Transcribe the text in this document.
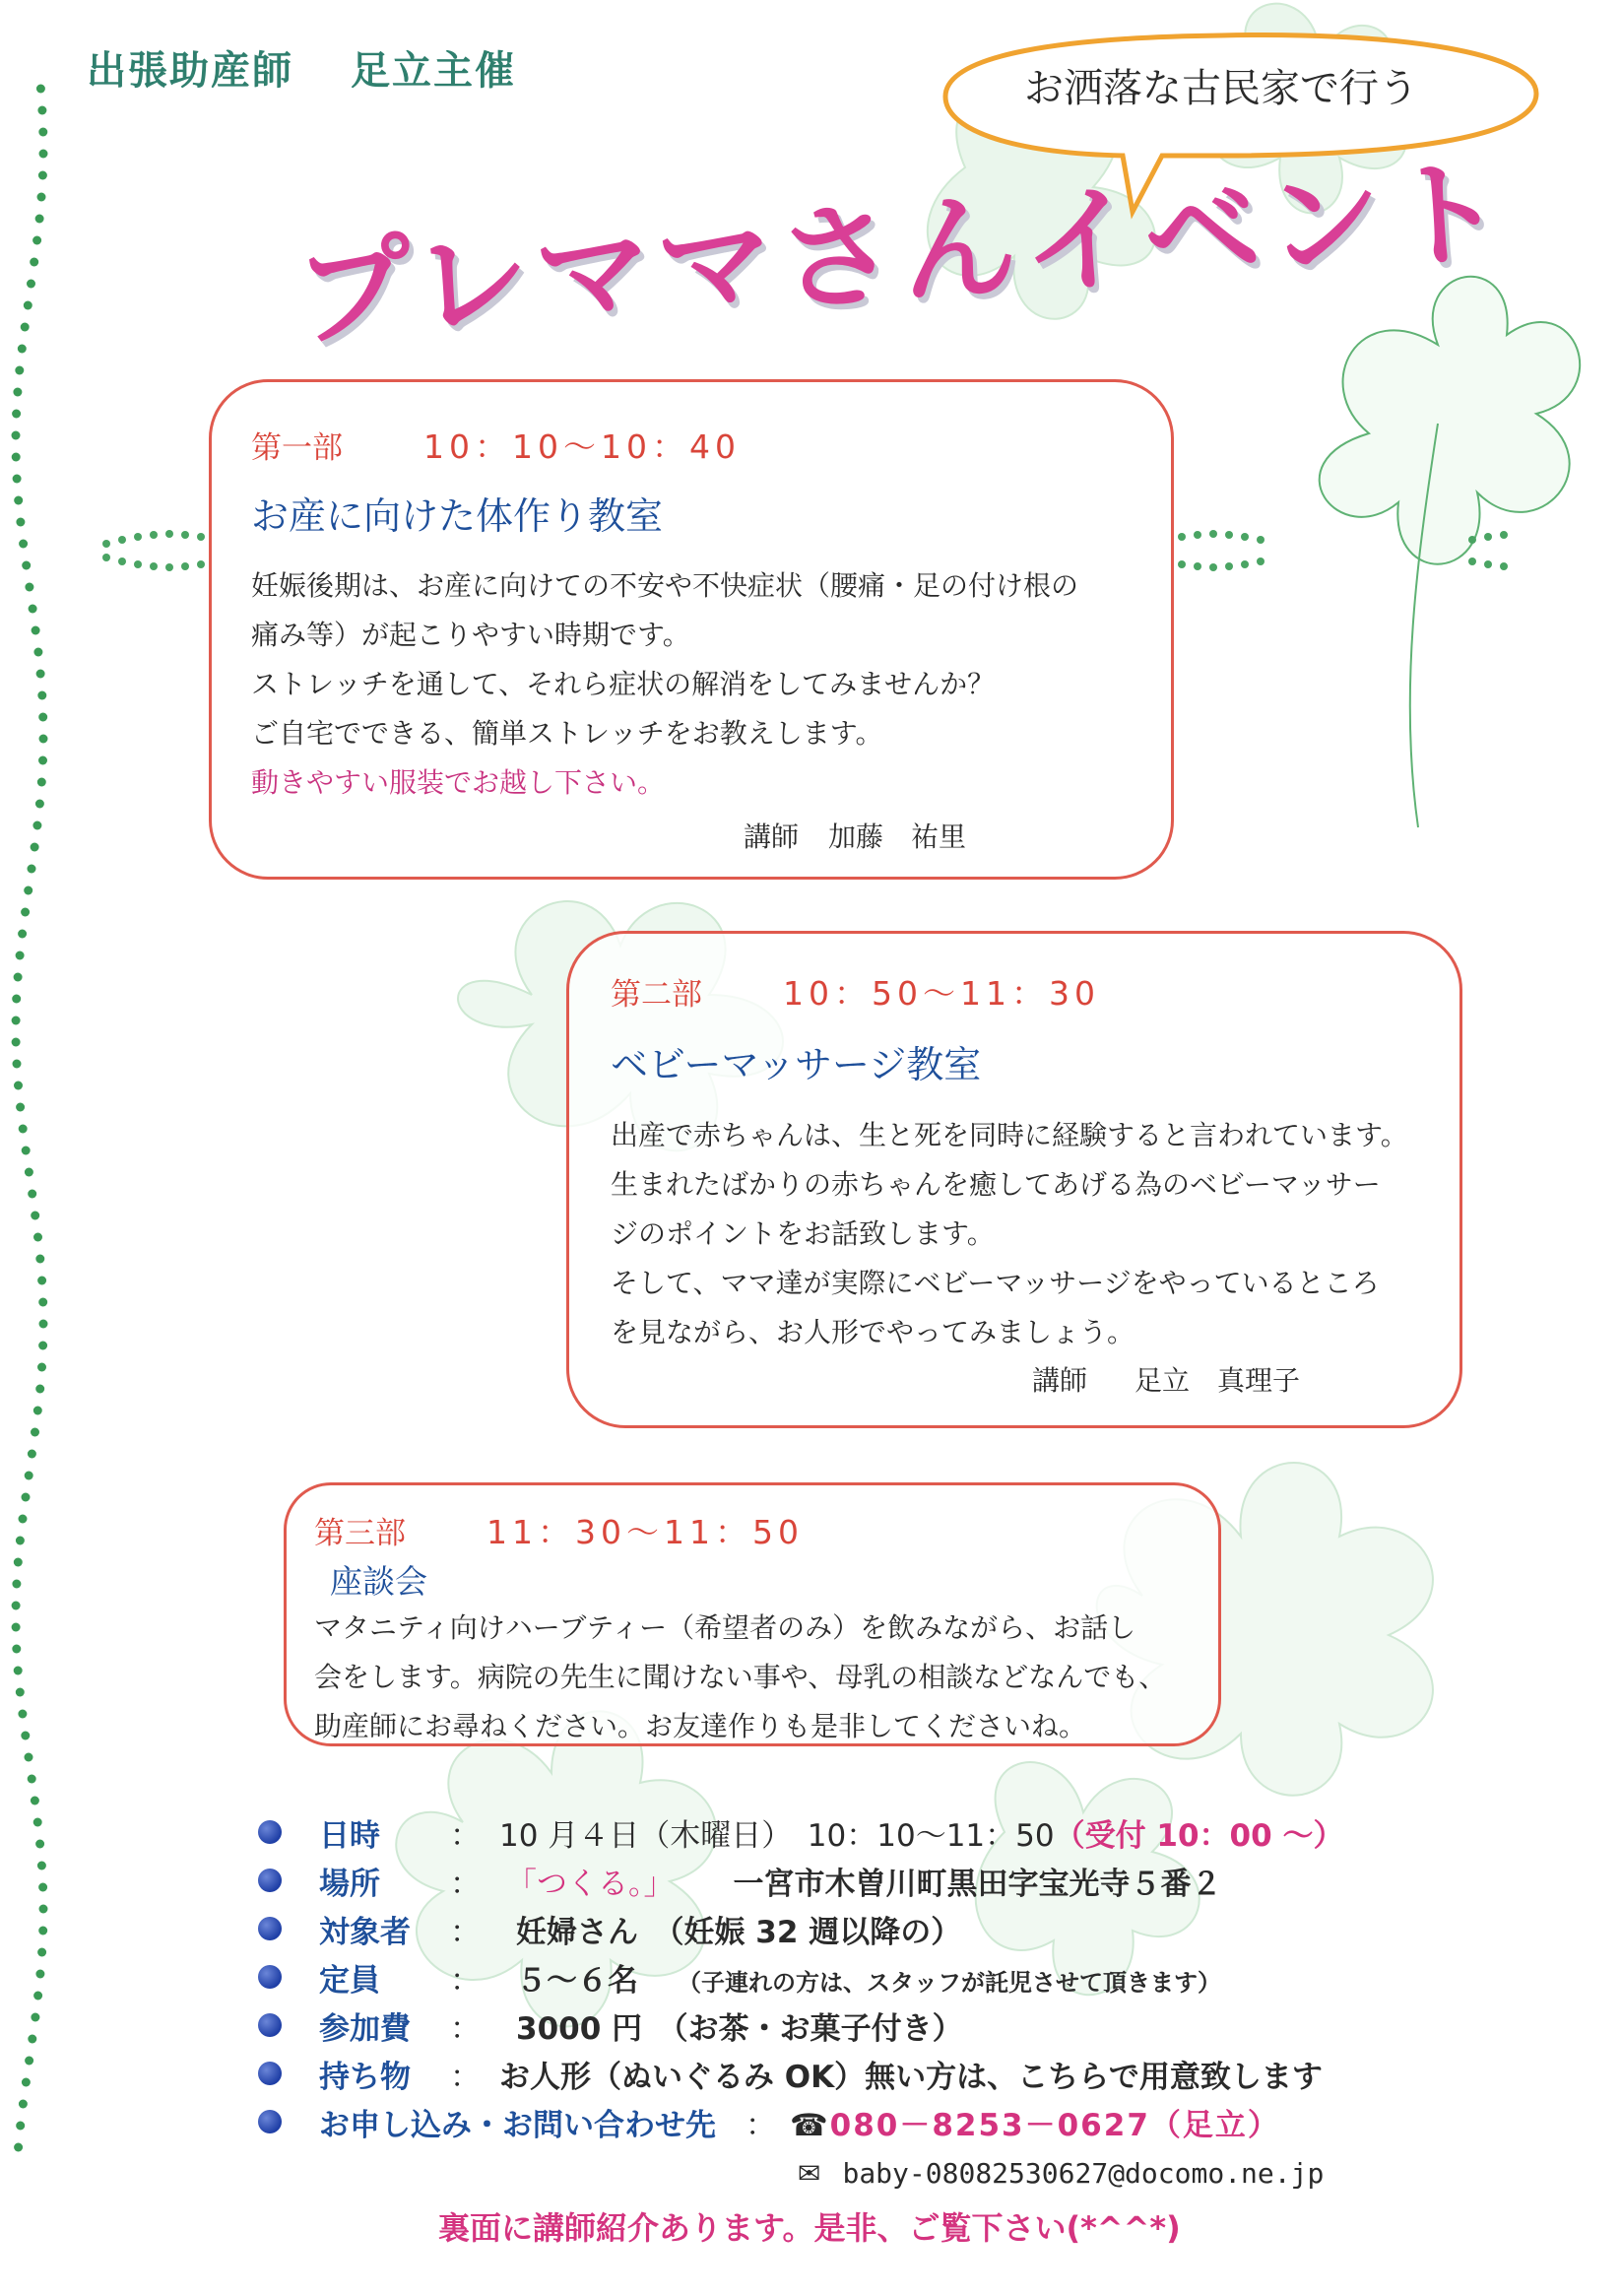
出張助産師 足立主催	お洒落な古民家で行う
プレママさんイベント
第一部 10：10～10：40
お産に向けた体作り教室
妊娠後期は、お産に向けての不安や不快症状（腰痛・足の付け根の
痛み等）が起こりやすい時期です。
ストレッチを通して、それら症状の解消をしてみませんか？
ご自宅でできる、簡単ストレッチをお教えします。
動きやすい服装でお越し下さい。
講師 加藤　祐里
第二部 10：50～11：30
ベビーマッサージ教室
出産で赤ちゃんは、生と死を同時に経験すると言われています。
生まれたばかりの赤ちゃんを癒してあげる為のベビーマッサー
ジのポイントをお話致します。
そして、ママ達が実際にベビーマッサージをやっているところ
を見ながら、お人形でやってみましょう。
講師 足立　真理子
第三部 11：30～11：50
座談会
マタニティ向けハーブティー（希望者のみ）を飲みながら、お話し
会をします。病院の先生に聞けない事や、母乳の相談などなんでも、
助産師にお尋ねください。お友達作りも是非してくださいね。
日時 ： 10 月４日（木曜日）　10：10～11：50（受付 10：00 ～）
場所 ： 「つくる。」 一宮市木曽川町黒田字宝光寺５番２
対象者 ： 妊婦さん　（妊娠 32 週以降の）
定員 ： ５～６名 （子連れの方は、スタッフが託児させて頂きます）
参加費 ： 3000 円　（お茶・お菓子付き）
持ち物 ： お人形（ぬいぐるみ OK）無い方は、こちらで用意致します
お申し込み・お問い合わせ先 ： ☎080－8253－0627（足立）
✉ baby-08082530627@docomo.ne.jp
裏面に講師紹介あります。是非、ご覧下さい(*^^*)
